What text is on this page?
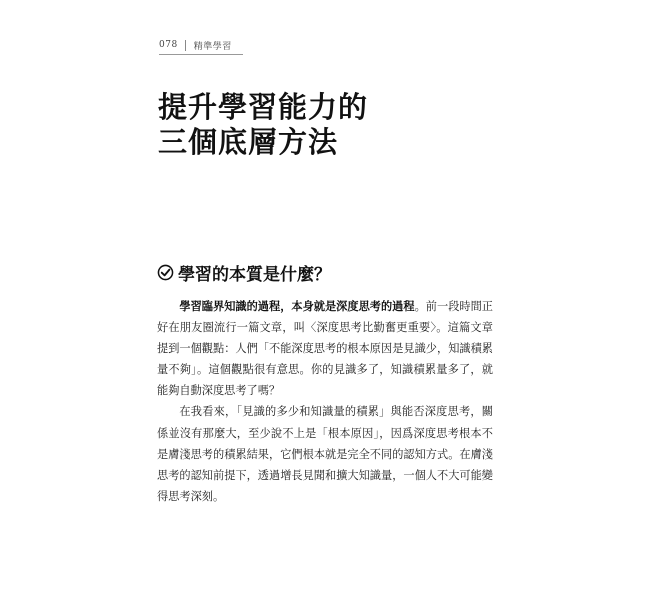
078 精準學習
提升學習能力的
三個底層方法
學習的本質是什麼？

學習臨界知識的過程，本身就是深度思考的過程。前一段時間正好在朋友圈流行一篇文章，叫〈深度思考比勤奮更重要〉。這篇文章提到一個觀點：人們「不能深度思考的根本原因是見識少，知識積累量不夠」。這個觀點很有意思。你的見識多了，知識積累量多了，就能夠自動深度思考了嗎？

在我看來，「見識的多少和知識量的積累」與能否深度思考，關係並沒有那麼大，至少說不上是「根本原因」，因爲深度思考根本不是膚淺思考的積累結果，它們根本就是完全不同的認知方式。在膚淺思考的認知前提下，透過增長見聞和擴大知識量，一個人不大可能變得思考深刻。
